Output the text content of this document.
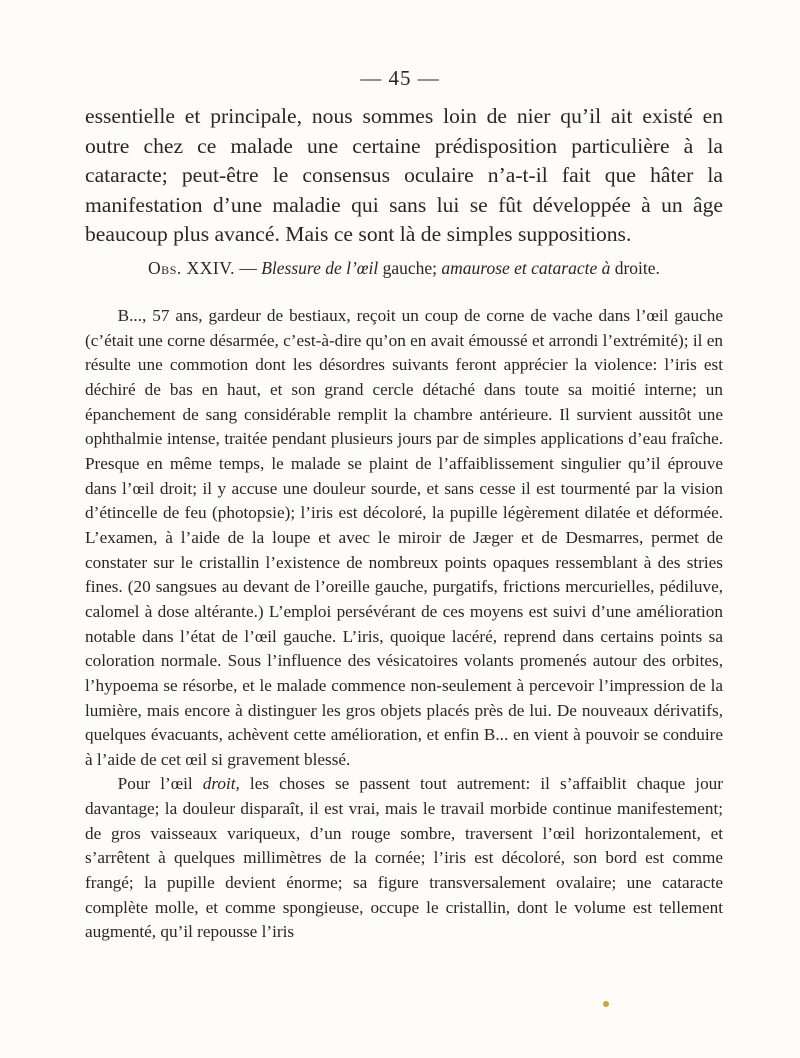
— 45 —

essentielle et principale, nous sommes loin de nier qu’il ait existé en outre chez ce malade une certaine prédisposition particulière à la cataracte; peut-être le consensus oculaire n’a-t-il fait que hâter la manifestation d’une maladie qui sans lui se fût développée à un âge beaucoup plus avancé. Mais ce sont là de simples suppositions.

Obs. XXIV. — Blessure de l’œil gauche; amaurose et cataracte à droite.

B..., 57 ans, gardeur de bestiaux, reçoit un coup de corne de vache dans l’œil gauche (c’était une corne désarmée, c’est-à-dire qu’on en avait émoussé et arrondi l’extrémité); il en résulte une commotion dont les désordres suivants feront apprécier la violence: l’iris est déchiré de bas en haut, et son grand cercle détaché dans toute sa moitié interne; un épanchement de sang considérable remplit la chambre antérieure. Il survient aussitôt une ophthalmie intense, traitée pendant plusieurs jours par de simples applications d’eau fraîche. Presque en même temps, le malade se plaint de l’affaiblissement singulier qu’il éprouve dans l’œil droit; il y accuse une douleur sourde, et sans cesse il est tourmenté par la vision d’étincelle de feu (photopsie); l’iris est décoloré, la pupille légèrement dilatée et déformée. L’examen, à l’aide de la loupe et avec le miroir de Jæger et de Desmarres, permet de constater sur le cristallin l’existence de nombreux points opaques ressemblant à des stries fines. (20 sangsues au devant de l’oreille gauche, purgatifs, frictions mercurielles, pédiluve, calomel à dose altérante.) L’emploi persévérant de ces moyens est suivi d’une amélioration notable dans l’état de l’œil gauche. L’iris, quoique lacéré, reprend dans certains points sa coloration normale. Sous l’influence des vésicatoires volants promenés autour des orbites, l’hypoema se résorbe, et le malade commence non-seulement à percevoir l’impression de la lumière, mais encore à distinguer les gros objets placés près de lui. De nouveaux dérivatifs, quelques évacuants, achèvent cette amélioration, et enfin B... en vient à pouvoir se conduire à l’aide de cet œil si gravement blessé.

Pour l’œil droit, les choses se passent tout autrement: il s’affaiblit chaque jour davantage; la douleur disparaît, il est vrai, mais le travail morbide continue manifestement; de gros vaisseaux variqueux, d’un rouge sombre, traversent l’œil horizontalement, et s’arrêtent à quelques millimètres de la cornée; l’iris est décoloré, son bord est comme frangé; la pupille devient énorme; sa figure transversalement ovalaire; une cataracte complète molle, et comme spongieuse, occupe le cristallin, dont le volume est tellement augmenté, qu’il repousse l’iris
